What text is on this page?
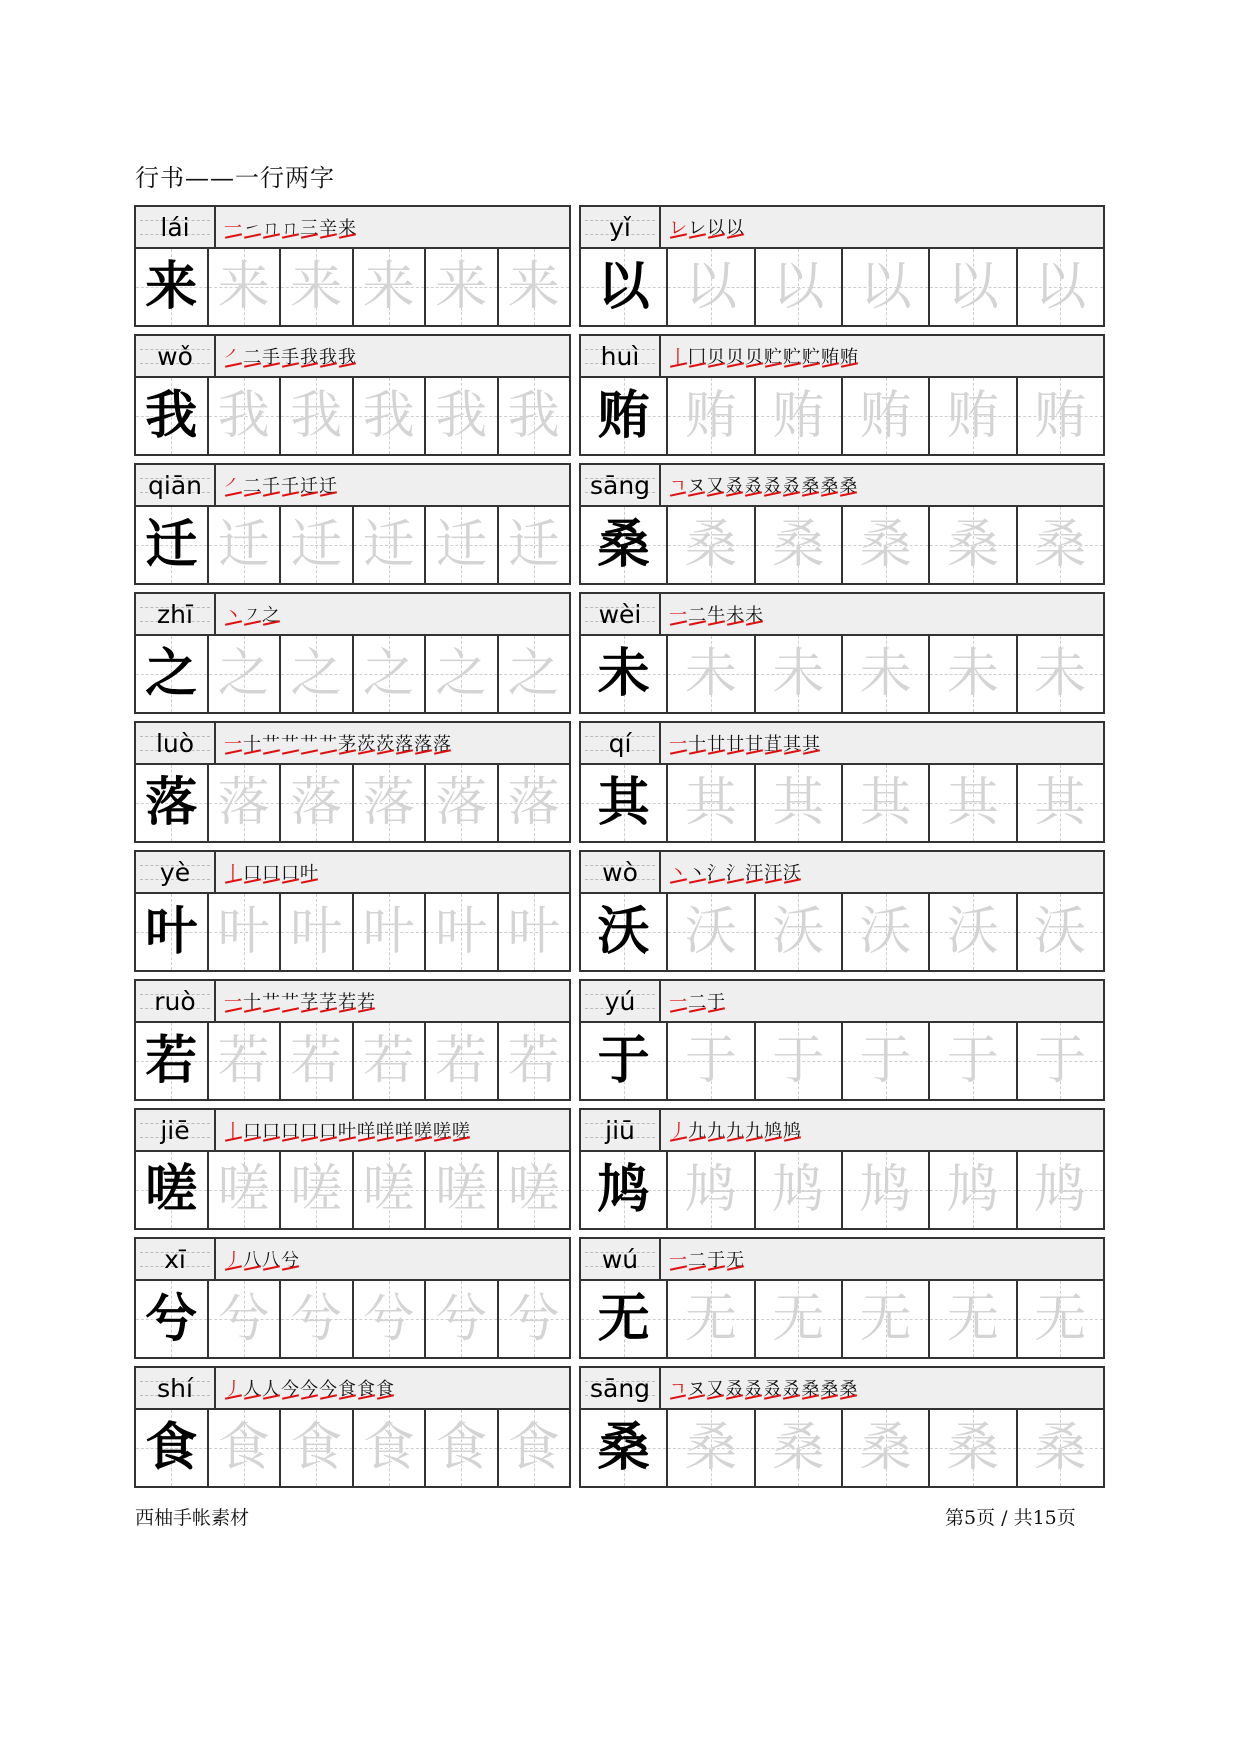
行书——一行两字
lái 一 ㇀ ㄇ ㄇ 三 辛 来
来 来 来 来 来 来
yǐ レ レ 以 以
以 以 以 以 以 以
wǒ ㇒ 二 手 手 我 我 我
我 我 我 我 我 我
huì 丨 冂 贝 贝 贝 贮 贮 贮 贿 贿
贿 贿 贿 贿 贿 贿
qiān ㇒ 二 千 千 迁 迁
迁 迁 迁 迁 迁 迁
sāng ㄱ ヌ 又 叒 叒 叒 叒 桑 桑 桑
桑 桑 桑 桑 桑 桑
zhī 丶 ㇇ 之
之 之 之 之 之 之
wèi 一 二 牛 未 未
未 未 未 未 未 未
luò 一 十 艹 艹 艹 艹 茅 茨 茨 落 落 落
落 落 落 落 落 落
qí 一 十 廿 廿 甘 苴 其 其
其 其 其 其 其 其
yè 丨 口 口 口 叶
叶 叶 叶 叶 叶 叶
wò 丶 丶 氵 氵 汗 汗 沃
沃 沃 沃 沃 沃 沃
ruò 一 十 艹 艹 芓 芓 若 若
若 若 若 若 若 若
yú 一 二 于
于 于 于 于 于 于
jiē 丨 口 口 口 口 口 叶 咩 咩 咩 嗟 嗟 嗟
嗟 嗟 嗟 嗟 嗟 嗟
jiū 丿 九 九 九 九 鸠 鸠
鸠 鸠 鸠 鸠 鸠 鸠
xī 丿 八 八 兮
兮 兮 兮 兮 兮 兮
wú 一 二 于 无
无 无 无 无 无 无
shí 丿 人 人 今 今 今 食 食 食
食 食 食 食 食 食
sāng ㄱ ヌ 又 叒 叒 叒 叒 桑 桑 桑
桑 桑 桑 桑 桑 桑
西柚手帐素材	第5页 / 共15页
